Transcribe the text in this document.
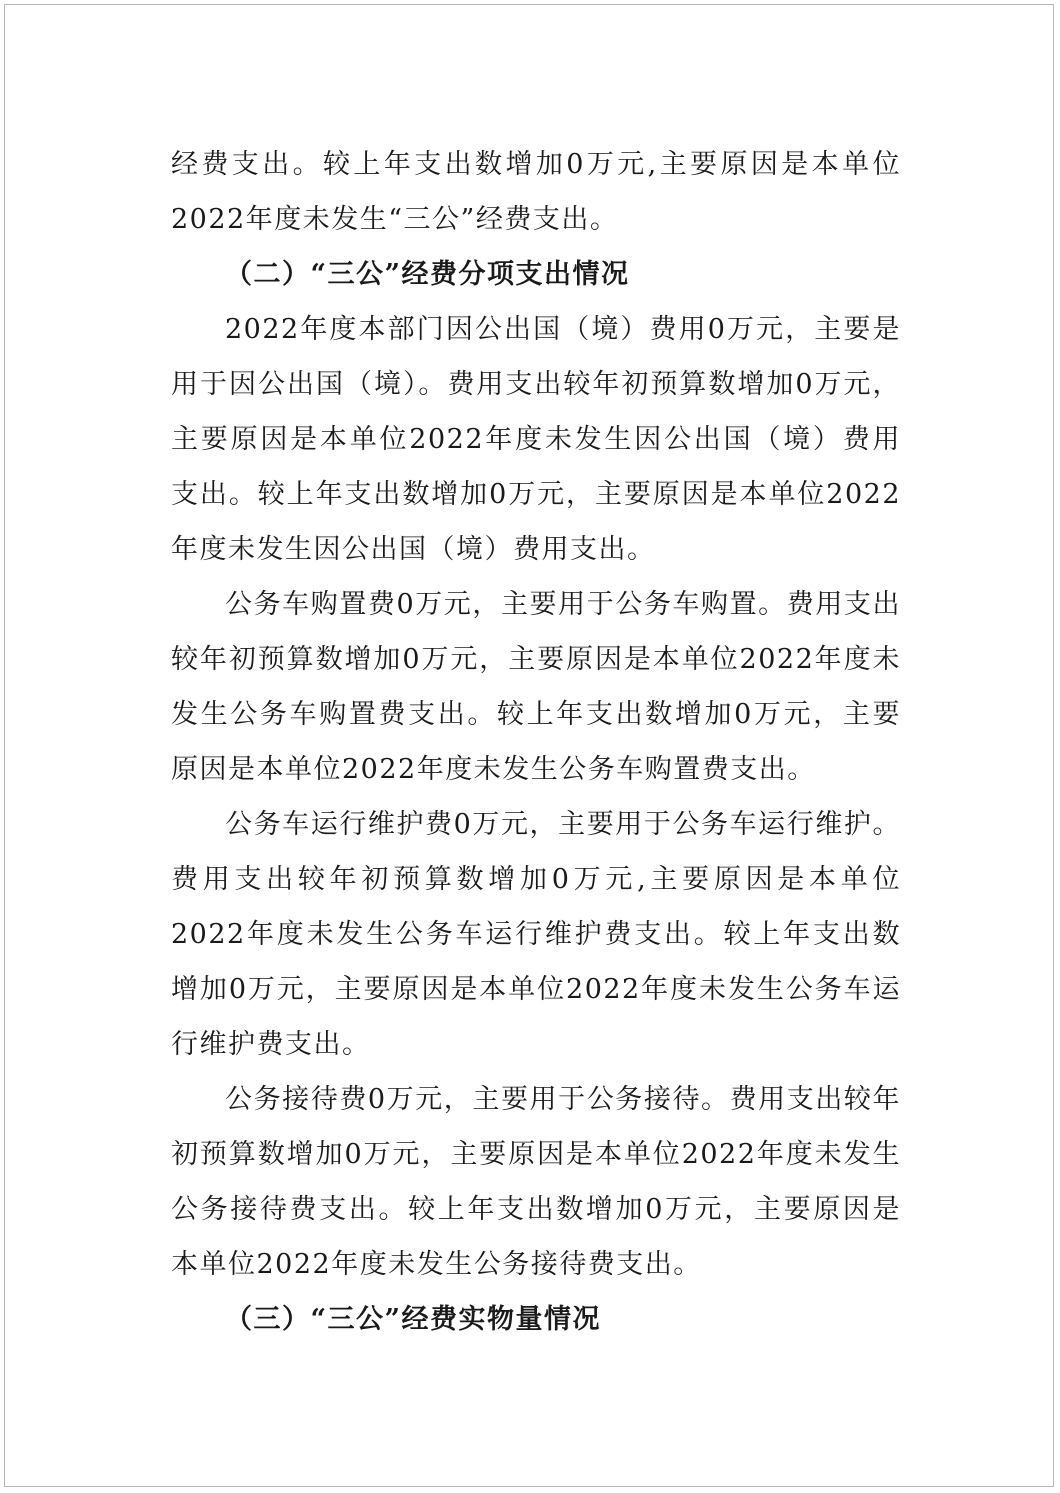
经费支出。较上年支出数增加0万元,主要原因是本单位2022年度未发生“三公”经费支出。

（二）“三公”经费分项支出情况

2022年度本部门因公出国（境）费用0万元，主要是用于因公出国（境）。费用支出较年初预算数增加0万元，主要原因是本单位2022年度未发生因公出国（境）费用支出。较上年支出数增加0万元，主要原因是本单位2022年度未发生因公出国（境）费用支出。

公务车购置费0万元，主要用于公务车购置。费用支出较年初预算数增加0万元，主要原因是本单位2022年度未发生公务车购置费支出。较上年支出数增加0万元，主要原因是本单位2022年度未发生公务车购置费支出。

公务车运行维护费0万元，主要用于公务车运行维护。费用支出较年初预算数增加0万元,主要原因是本单位2022年度未发生公务车运行维护费支出。较上年支出数增加0万元，主要原因是本单位2022年度未发生公务车运行维护费支出。

公务接待费0万元，主要用于公务接待。费用支出较年初预算数增加0万元，主要原因是本单位2022年度未发生公务接待费支出。较上年支出数增加0万元，主要原因是本单位2022年度未发生公务接待费支出。

（三）“三公”经费实物量情况
